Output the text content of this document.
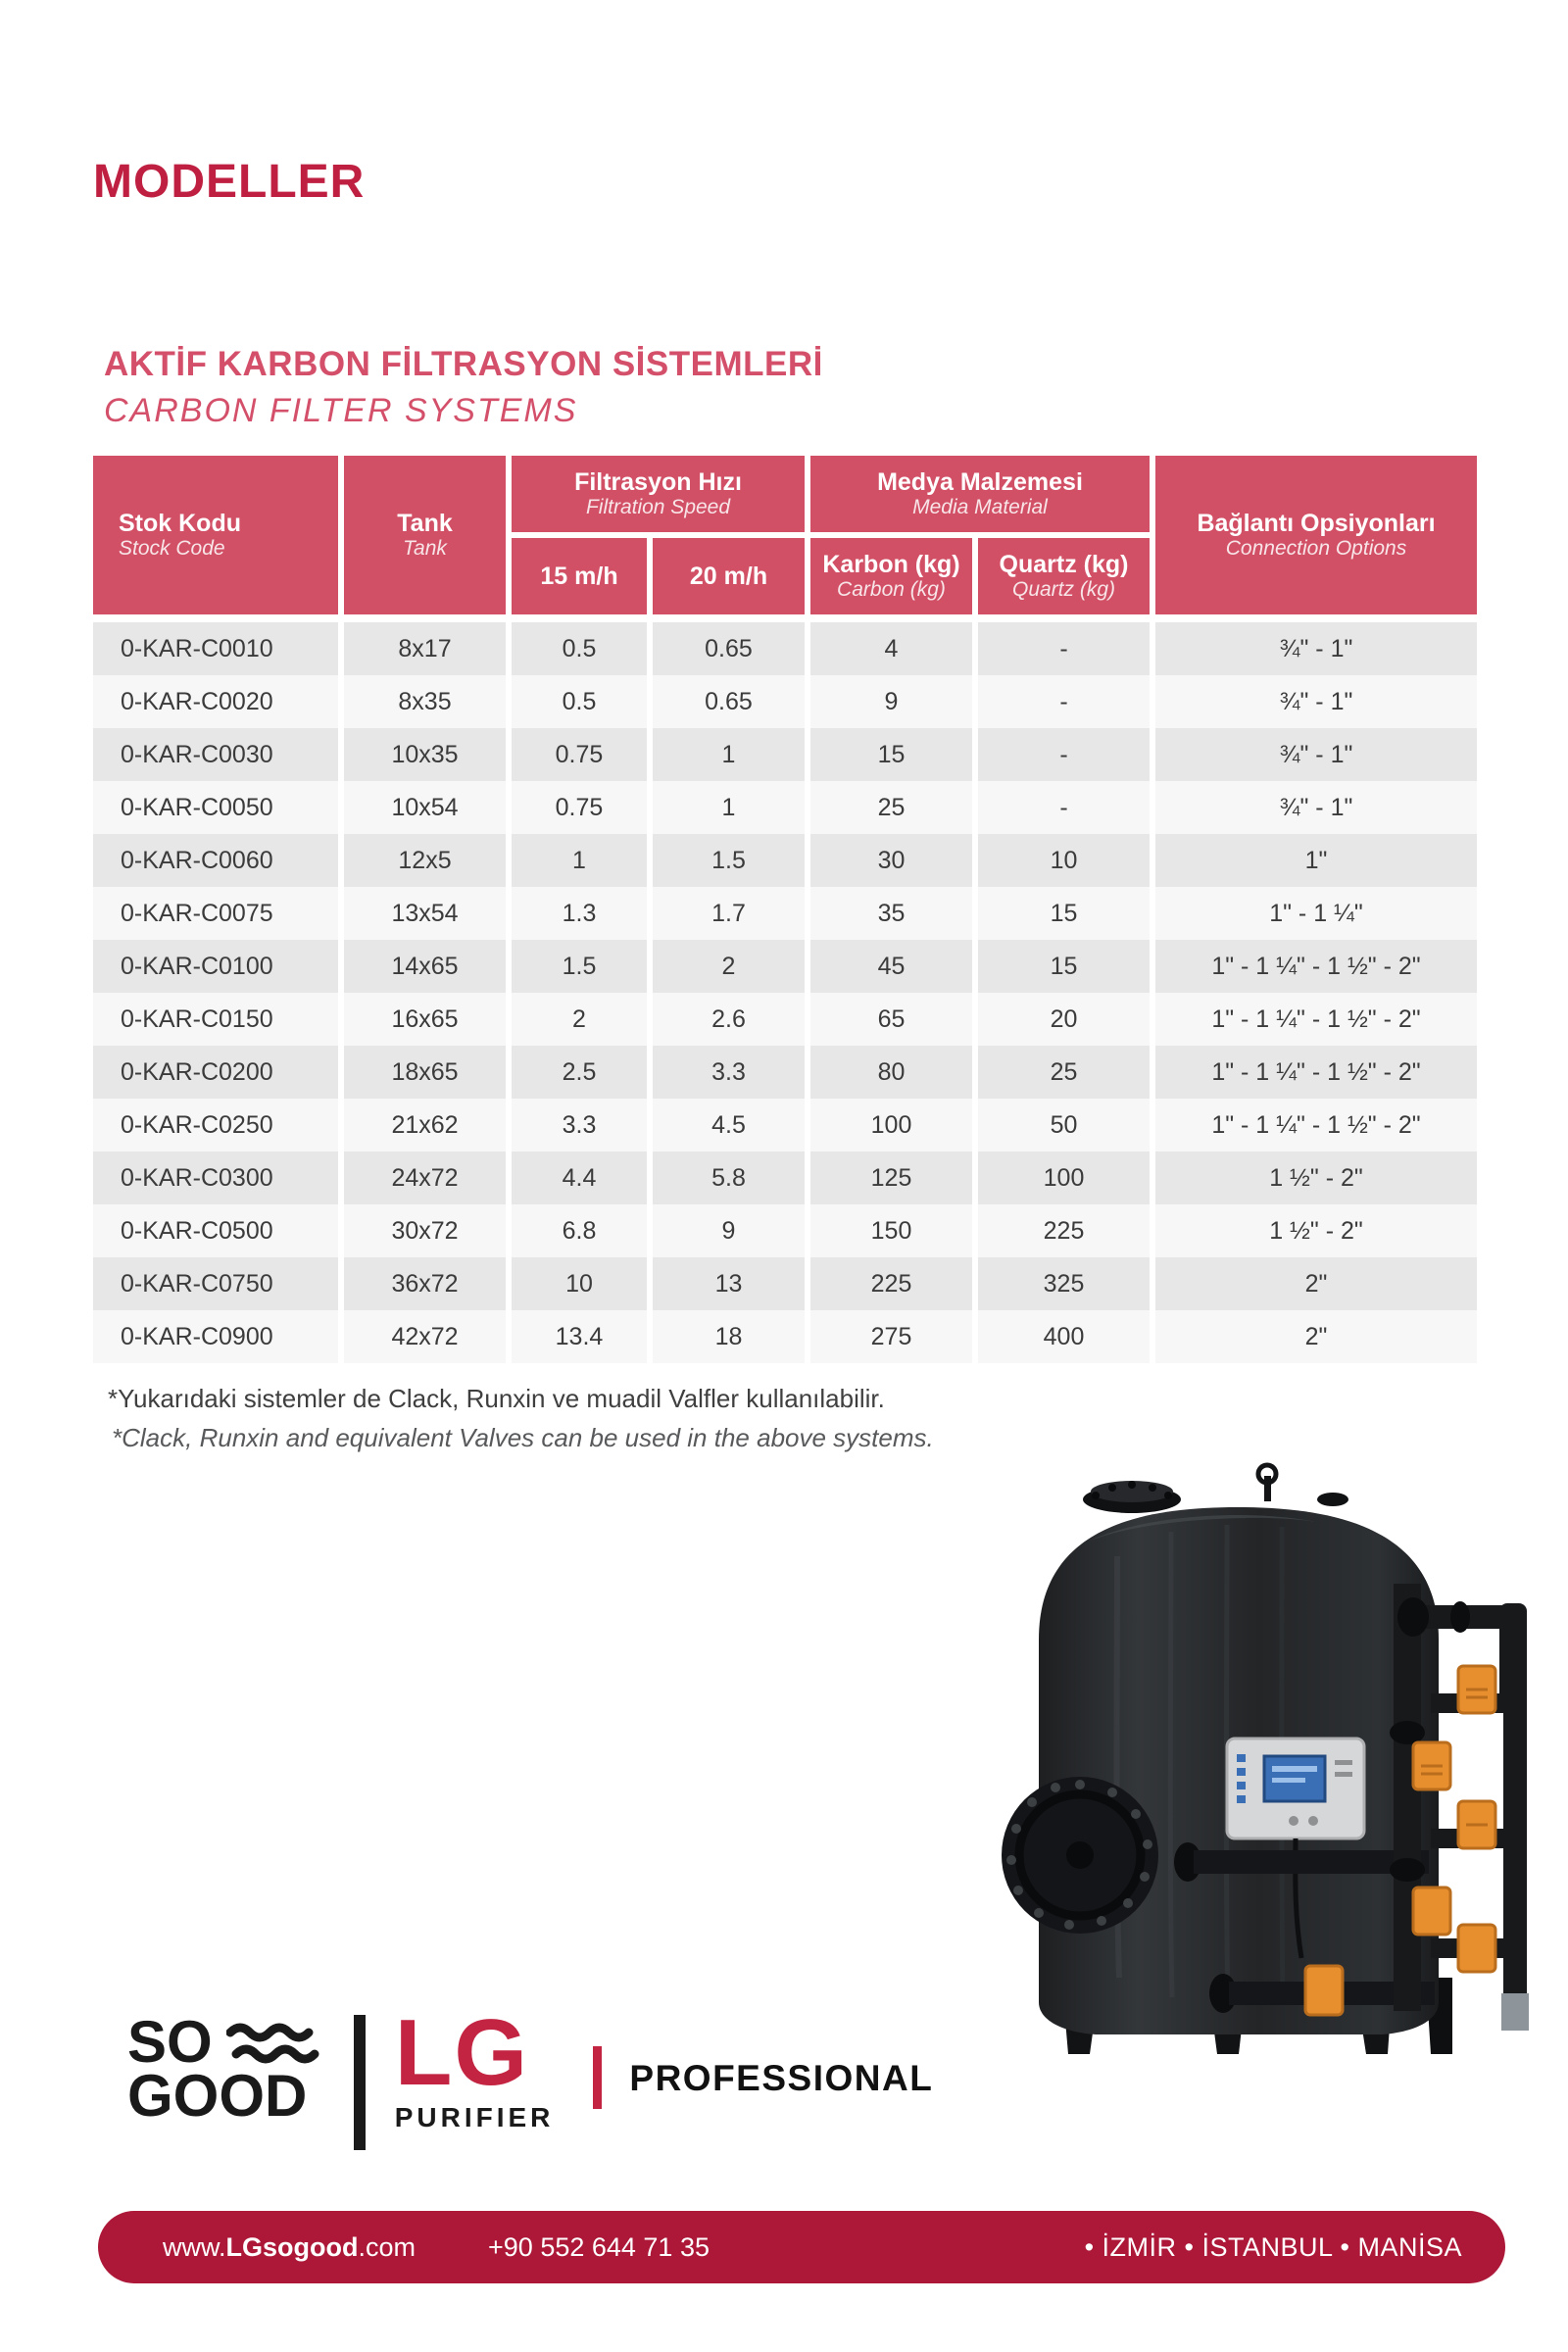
MODELLER
AKTİF KARBON FİLTRASYON SİSTEMLERİ
CARBON FILTER SYSTEMS
Stok Kodu
Stock Code
Tank
Tank
Filtrasyon Hızı
Filtration Speed
15 m/h	20 m/h
Medya Malzemesi
Media Material
Karbon (kg)
Carbon (kg)
Quartz (kg)
Quartz (kg)
Bağlantı Opsiyonları
Connection Options
0-KAR-C0010	8x17	0.5	0.65	4	-	¾" - 1"
0-KAR-C0020	8x35	0.5	0.65	9	-	¾" - 1"
0-KAR-C0030	10x35	0.75	1	15	-	¾" - 1"
0-KAR-C0050	10x54	0.75	1	25	-	¾" - 1"
0-KAR-C0060	12x5	1	1.5	30	10	1"
0-KAR-C0075	13x54	1.3	1.7	35	15	1" - 1 ¼"
0-KAR-C0100	14x65	1.5	2	45	15	1" - 1 ¼" - 1 ½" - 2"
0-KAR-C0150	16x65	2	2.6	65	20	1" - 1 ¼" - 1 ½" - 2"
0-KAR-C0200	18x65	2.5	3.3	80	25	1" - 1 ¼" - 1 ½" - 2"
0-KAR-C0250	21x62	3.3	4.5	100	50	1" - 1 ¼" - 1 ½" - 2"
0-KAR-C0300	24x72	4.4	5.8	125	100	1 ½" - 2"
0-KAR-C0500	30x72	6.8	9	150	225	1 ½" - 2"
0-KAR-C0750	36x72	10	13	225	325	2"
0-KAR-C0900	42x72	13.4	18	275	400	2"
*Yukarıdaki sistemler de Clack, Runxin ve muadil Valfler kullanılabilir.
*Clack, Runxin and equivalent Valves can be used in the above systems.
SO
GOOD LG
PURIFIER
PROFESSIONAL
www.LGsogood.com	+90 552 644 71 35	• İZMİR • İSTANBUL • MANİSA
